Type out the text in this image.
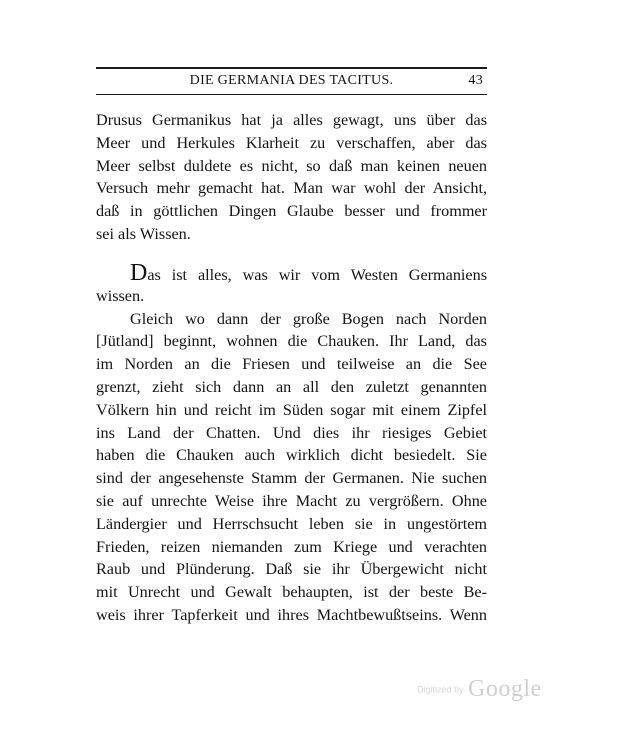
DIE GERMANIA DES TACITUS.	43
Drusus Germanikus hat ja alles gewagt, uns über das
Meer und Herkules Klarheit zu verschaffen, aber das
Meer selbst duldete es nicht, so daß man keinen neuen
Versuch mehr gemacht hat. Man war wohl der Ansicht,
daß in göttlichen Dingen Glaube besser und frommer
sei als Wissen.
Das ist alles, was wir vom Westen Germaniens
wissen.
Gleich wo dann der große Bogen nach Norden
[Jütland] beginnt, wohnen die Chauken. Ihr Land, das
im Norden an die Friesen und teilweise an die See
grenzt, zieht sich dann an all den zuletzt genannten
Völkern hin und reicht im Süden sogar mit einem Zipfel
ins Land der Chatten. Und dies ihr riesiges Gebiet
haben die Chauken auch wirklich dicht besiedelt. Sie
sind der angesehenste Stamm der Germanen. Nie suchen
sie auf unrechte Weise ihre Macht zu vergrößern. Ohne
Ländergier und Herrschsucht leben sie in ungestörtem
Frieden, reizen niemanden zum Kriege und verachten
Raub und Plünderung. Daß sie ihr Übergewicht nicht
mit Unrecht und Gewalt behaupten, ist der beste Be-
weis ihrer Tapferkeit und ihres Machtbewußtseins. Wenn
Digitized by Google
